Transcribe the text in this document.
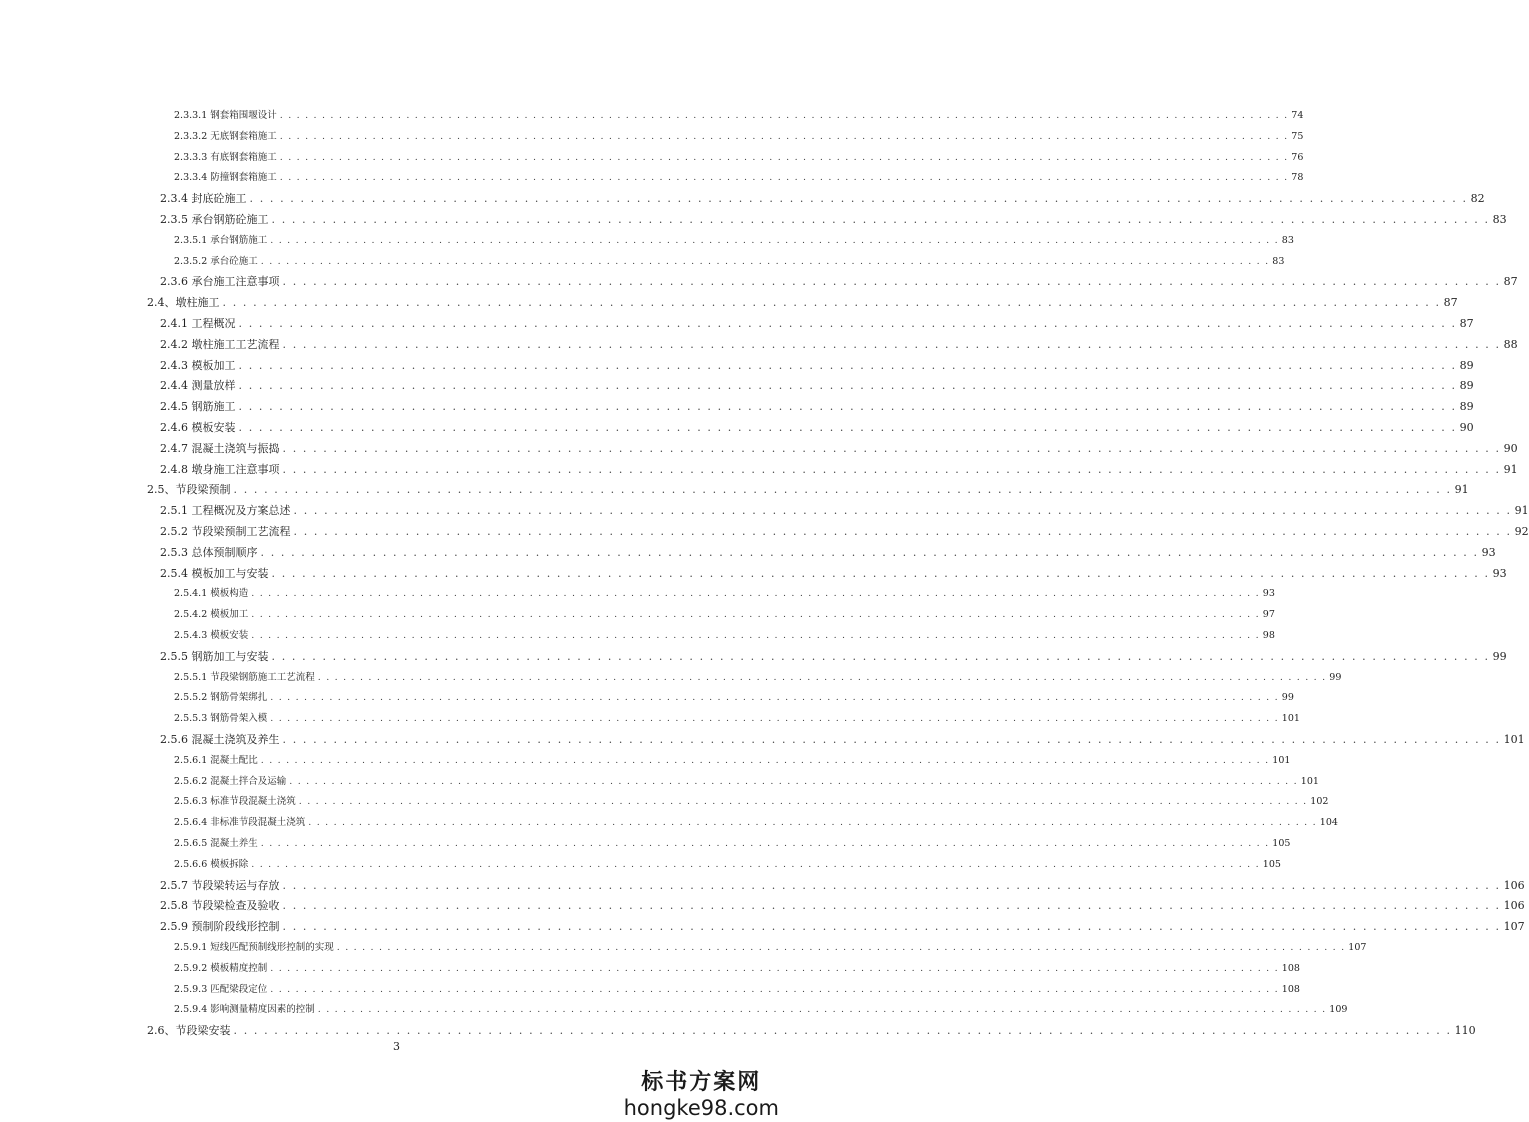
2.3.3.1 钢套箱围堰设计 . . . . . . . . . . . . . . . . . . . . . . . . . . . . . . . . . . . . . . . . . . . . . . . . . . . . . . . . . . . . . . . . . . . . . . . . . . . . . . . . . . . . . . . . . . . . . . . . . . . . . . . . . . . . . . . . . . . . . . . . 74
2.3.3.2 无底钢套箱施工 . . . . . . . . . . . . . . . . . . . . . . . . . . . . . . . . . . . . . . . . . . . . . . . . . . . . . . . . . . . . . . . . . . . . . . . . . . . . . . . . . . . . . . . . . . . . . . . . . . . . . . . . . . . . . . . . . . . . . . . . 75
2.3.3.3 有底钢套箱施工 . . . . . . . . . . . . . . . . . . . . . . . . . . . . . . . . . . . . . . . . . . . . . . . . . . . . . . . . . . . . . . . . . . . . . . . . . . . . . . . . . . . . . . . . . . . . . . . . . . . . . . . . . . . . . . . . . . . . . . . . 76
2.3.3.4 防撞钢套箱施工 . . . . . . . . . . . . . . . . . . . . . . . . . . . . . . . . . . . . . . . . . . . . . . . . . . . . . . . . . . . . . . . . . . . . . . . . . . . . . . . . . . . . . . . . . . . . . . . . . . . . . . . . . . . . . . . . . . . . . . . . 78
2.3.4 封底砼施工 . . . . . . . . . . . . . . . . . . . . . . . . . . . . . . . . . . . . . . . . . . . . . . . . . . . . . . . . . . . . . . . . . . . . . . . . . . . . . . . . . . . . . . . . . . . . . . . . . . . . . . . . . . . . . . . . . . . . . . . . 82
2.3.5 承台钢筋砼施工 . . . . . . . . . . . . . . . . . . . . . . . . . . . . . . . . . . . . . . . . . . . . . . . . . . . . . . . . . . . . . . . . . . . . . . . . . . . . . . . . . . . . . . . . . . . . . . . . . . . . . . . . . . . . . . . . . . . . . . . . 83
2.3.5.1 承台钢筋施工 . . . . . . . . . . . . . . . . . . . . . . . . . . . . . . . . . . . . . . . . . . . . . . . . . . . . . . . . . . . . . . . . . . . . . . . . . . . . . . . . . . . . . . . . . . . . . . . . . . . . . . . . . . . . . . . . . . . . . . . . 83
2.3.5.2 承台砼施工 . . . . . . . . . . . . . . . . . . . . . . . . . . . . . . . . . . . . . . . . . . . . . . . . . . . . . . . . . . . . . . . . . . . . . . . . . . . . . . . . . . . . . . . . . . . . . . . . . . . . . . . . . . . . . . . . . . . . . . . . 83
2.3.6 承台施工注意事项 . . . . . . . . . . . . . . . . . . . . . . . . . . . . . . . . . . . . . . . . . . . . . . . . . . . . . . . . . . . . . . . . . . . . . . . . . . . . . . . . . . . . . . . . . . . . . . . . . . . . . . . . . . . . . . . . . . . . . . . . 87
2.4、墩柱施工 . . . . . . . . . . . . . . . . . . . . . . . . . . . . . . . . . . . . . . . . . . . . . . . . . . . . . . . . . . . . . . . . . . . . . . . . . . . . . . . . . . . . . . . . . . . . . . . . . . . . . . . . . . . . . . . . . . . . . . . . 87
2.4.1 工程概况 . . . . . . . . . . . . . . . . . . . . . . . . . . . . . . . . . . . . . . . . . . . . . . . . . . . . . . . . . . . . . . . . . . . . . . . . . . . . . . . . . . . . . . . . . . . . . . . . . . . . . . . . . . . . . . . . . . . . . . . . 87
2.4.2 墩柱施工工艺流程 . . . . . . . . . . . . . . . . . . . . . . . . . . . . . . . . . . . . . . . . . . . . . . . . . . . . . . . . . . . . . . . . . . . . . . . . . . . . . . . . . . . . . . . . . . . . . . . . . . . . . . . . . . . . . . . . . . . . . . . . 88
2.4.3 模板加工 . . . . . . . . . . . . . . . . . . . . . . . . . . . . . . . . . . . . . . . . . . . . . . . . . . . . . . . . . . . . . . . . . . . . . . . . . . . . . . . . . . . . . . . . . . . . . . . . . . . . . . . . . . . . . . . . . . . . . . . . 89
2.4.4 测量放样 . . . . . . . . . . . . . . . . . . . . . . . . . . . . . . . . . . . . . . . . . . . . . . . . . . . . . . . . . . . . . . . . . . . . . . . . . . . . . . . . . . . . . . . . . . . . . . . . . . . . . . . . . . . . . . . . . . . . . . . . 89
2.4.5 钢筋施工 . . . . . . . . . . . . . . . . . . . . . . . . . . . . . . . . . . . . . . . . . . . . . . . . . . . . . . . . . . . . . . . . . . . . . . . . . . . . . . . . . . . . . . . . . . . . . . . . . . . . . . . . . . . . . . . . . . . . . . . . 89
2.4.6 模板安装 . . . . . . . . . . . . . . . . . . . . . . . . . . . . . . . . . . . . . . . . . . . . . . . . . . . . . . . . . . . . . . . . . . . . . . . . . . . . . . . . . . . . . . . . . . . . . . . . . . . . . . . . . . . . . . . . . . . . . . . . 90
2.4.7 混凝土浇筑与振捣 . . . . . . . . . . . . . . . . . . . . . . . . . . . . . . . . . . . . . . . . . . . . . . . . . . . . . . . . . . . . . . . . . . . . . . . . . . . . . . . . . . . . . . . . . . . . . . . . . . . . . . . . . . . . . . . . . . . . . . . . 90
2.4.8 墩身施工注意事项 . . . . . . . . . . . . . . . . . . . . . . . . . . . . . . . . . . . . . . . . . . . . . . . . . . . . . . . . . . . . . . . . . . . . . . . . . . . . . . . . . . . . . . . . . . . . . . . . . . . . . . . . . . . . . . . . . . . . . . . . 91
2.5、节段梁预制 . . . . . . . . . . . . . . . . . . . . . . . . . . . . . . . . . . . . . . . . . . . . . . . . . . . . . . . . . . . . . . . . . . . . . . . . . . . . . . . . . . . . . . . . . . . . . . . . . . . . . . . . . . . . . . . . . . . . . . . . 91
2.5.1 工程概况及方案总述 . . . . . . . . . . . . . . . . . . . . . . . . . . . . . . . . . . . . . . . . . . . . . . . . . . . . . . . . . . . . . . . . . . . . . . . . . . . . . . . . . . . . . . . . . . . . . . . . . . . . . . . . . . . . . . . . . . . . . . . . 91
2.5.2 节段梁预制工艺流程 . . . . . . . . . . . . . . . . . . . . . . . . . . . . . . . . . . . . . . . . . . . . . . . . . . . . . . . . . . . . . . . . . . . . . . . . . . . . . . . . . . . . . . . . . . . . . . . . . . . . . . . . . . . . . . . . . . . . . . . . 92
2.5.3 总体预制顺序 . . . . . . . . . . . . . . . . . . . . . . . . . . . . . . . . . . . . . . . . . . . . . . . . . . . . . . . . . . . . . . . . . . . . . . . . . . . . . . . . . . . . . . . . . . . . . . . . . . . . . . . . . . . . . . . . . . . . . . . . 93
2.5.4 模板加工与安装 . . . . . . . . . . . . . . . . . . . . . . . . . . . . . . . . . . . . . . . . . . . . . . . . . . . . . . . . . . . . . . . . . . . . . . . . . . . . . . . . . . . . . . . . . . . . . . . . . . . . . . . . . . . . . . . . . . . . . . . . 93
2.5.4.1 模板构造 . . . . . . . . . . . . . . . . . . . . . . . . . . . . . . . . . . . . . . . . . . . . . . . . . . . . . . . . . . . . . . . . . . . . . . . . . . . . . . . . . . . . . . . . . . . . . . . . . . . . . . . . . . . . . . . . . . . . . . . . 93
2.5.4.2 模板加工 . . . . . . . . . . . . . . . . . . . . . . . . . . . . . . . . . . . . . . . . . . . . . . . . . . . . . . . . . . . . . . . . . . . . . . . . . . . . . . . . . . . . . . . . . . . . . . . . . . . . . . . . . . . . . . . . . . . . . . . . 97
2.5.4.3 模板安装 . . . . . . . . . . . . . . . . . . . . . . . . . . . . . . . . . . . . . . . . . . . . . . . . . . . . . . . . . . . . . . . . . . . . . . . . . . . . . . . . . . . . . . . . . . . . . . . . . . . . . . . . . . . . . . . . . . . . . . . . 98
2.5.5 钢筋加工与安装 . . . . . . . . . . . . . . . . . . . . . . . . . . . . . . . . . . . . . . . . . . . . . . . . . . . . . . . . . . . . . . . . . . . . . . . . . . . . . . . . . . . . . . . . . . . . . . . . . . . . . . . . . . . . . . . . . . . . . . . . 99
2.5.5.1 节段梁钢筋施工工艺流程 . . . . . . . . . . . . . . . . . . . . . . . . . . . . . . . . . . . . . . . . . . . . . . . . . . . . . . . . . . . . . . . . . . . . . . . . . . . . . . . . . . . . . . . . . . . . . . . . . . . . . . . . . . . . . . . . . . . . . . . . 99
2.5.5.2 钢筋骨架绑扎 . . . . . . . . . . . . . . . . . . . . . . . . . . . . . . . . . . . . . . . . . . . . . . . . . . . . . . . . . . . . . . . . . . . . . . . . . . . . . . . . . . . . . . . . . . . . . . . . . . . . . . . . . . . . . . . . . . . . . . . . 99
2.5.5.3 钢筋骨架入模 . . . . . . . . . . . . . . . . . . . . . . . . . . . . . . . . . . . . . . . . . . . . . . . . . . . . . . . . . . . . . . . . . . . . . . . . . . . . . . . . . . . . . . . . . . . . . . . . . . . . . . . . . . . . . . . . . . . . . . . . 101
2.5.6 混凝土浇筑及养生 . . . . . . . . . . . . . . . . . . . . . . . . . . . . . . . . . . . . . . . . . . . . . . . . . . . . . . . . . . . . . . . . . . . . . . . . . . . . . . . . . . . . . . . . . . . . . . . . . . . . . . . . . . . . . . . . . . . . . . . . 101
2.5.6.1 混凝土配比 . . . . . . . . . . . . . . . . . . . . . . . . . . . . . . . . . . . . . . . . . . . . . . . . . . . . . . . . . . . . . . . . . . . . . . . . . . . . . . . . . . . . . . . . . . . . . . . . . . . . . . . . . . . . . . . . . . . . . . . . 101
2.5.6.2 混凝土拌合及运输 . . . . . . . . . . . . . . . . . . . . . . . . . . . . . . . . . . . . . . . . . . . . . . . . . . . . . . . . . . . . . . . . . . . . . . . . . . . . . . . . . . . . . . . . . . . . . . . . . . . . . . . . . . . . . . . . . . . . . . . . 101
2.5.6.3 标准节段混凝土浇筑 . . . . . . . . . . . . . . . . . . . . . . . . . . . . . . . . . . . . . . . . . . . . . . . . . . . . . . . . . . . . . . . . . . . . . . . . . . . . . . . . . . . . . . . . . . . . . . . . . . . . . . . . . . . . . . . . . . . . . . . . 102
2.5.6.4 非标准节段混凝土浇筑 . . . . . . . . . . . . . . . . . . . . . . . . . . . . . . . . . . . . . . . . . . . . . . . . . . . . . . . . . . . . . . . . . . . . . . . . . . . . . . . . . . . . . . . . . . . . . . . . . . . . . . . . . . . . . . . . . . . . . . . . 104
2.5.6.5 混凝土养生 . . . . . . . . . . . . . . . . . . . . . . . . . . . . . . . . . . . . . . . . . . . . . . . . . . . . . . . . . . . . . . . . . . . . . . . . . . . . . . . . . . . . . . . . . . . . . . . . . . . . . . . . . . . . . . . . . . . . . . . . 105
2.5.6.6 模板拆除 . . . . . . . . . . . . . . . . . . . . . . . . . . . . . . . . . . . . . . . . . . . . . . . . . . . . . . . . . . . . . . . . . . . . . . . . . . . . . . . . . . . . . . . . . . . . . . . . . . . . . . . . . . . . . . . . . . . . . . . . 105
2.5.7 节段梁转运与存放 . . . . . . . . . . . . . . . . . . . . . . . . . . . . . . . . . . . . . . . . . . . . . . . . . . . . . . . . . . . . . . . . . . . . . . . . . . . . . . . . . . . . . . . . . . . . . . . . . . . . . . . . . . . . . . . . . . . . . . . . 106
2.5.8 节段梁检查及验收 . . . . . . . . . . . . . . . . . . . . . . . . . . . . . . . . . . . . . . . . . . . . . . . . . . . . . . . . . . . . . . . . . . . . . . . . . . . . . . . . . . . . . . . . . . . . . . . . . . . . . . . . . . . . . . . . . . . . . . . . 106
2.5.9 预制阶段线形控制 . . . . . . . . . . . . . . . . . . . . . . . . . . . . . . . . . . . . . . . . . . . . . . . . . . . . . . . . . . . . . . . . . . . . . . . . . . . . . . . . . . . . . . . . . . . . . . . . . . . . . . . . . . . . . . . . . . . . . . . . 107
2.5.9.1 短线匹配预制线形控制的实现 . . . . . . . . . . . . . . . . . . . . . . . . . . . . . . . . . . . . . . . . . . . . . . . . . . . . . . . . . . . . . . . . . . . . . . . . . . . . . . . . . . . . . . . . . . . . . . . . . . . . . . . . . . . . . . . . . . . . . . . . 107
2.5.9.2 模板精度控制 . . . . . . . . . . . . . . . . . . . . . . . . . . . . . . . . . . . . . . . . . . . . . . . . . . . . . . . . . . . . . . . . . . . . . . . . . . . . . . . . . . . . . . . . . . . . . . . . . . . . . . . . . . . . . . . . . . . . . . . . 108
2.5.9.3 匹配梁段定位 . . . . . . . . . . . . . . . . . . . . . . . . . . . . . . . . . . . . . . . . . . . . . . . . . . . . . . . . . . . . . . . . . . . . . . . . . . . . . . . . . . . . . . . . . . . . . . . . . . . . . . . . . . . . . . . . . . . . . . . . 108
2.5.9.4 影响测量精度因素的控制 . . . . . . . . . . . . . . . . . . . . . . . . . . . . . . . . . . . . . . . . . . . . . . . . . . . . . . . . . . . . . . . . . . . . . . . . . . . . . . . . . . . . . . . . . . . . . . . . . . . . . . . . . . . . . . . . . . . . . . . . 109
2.6、节段梁安装 . . . . . . . . . . . . . . . . . . . . . . . . . . . . . . . . . . . . . . . . . . . . . . . . . . . . . . . . . . . . . . . . . . . . . . . . . . . . . . . . . . . . . . . . . . . . . . . . . . . . . . . . . . . . . . . . . . . . . . . . 110
3
标书方案网
hongke98.com
